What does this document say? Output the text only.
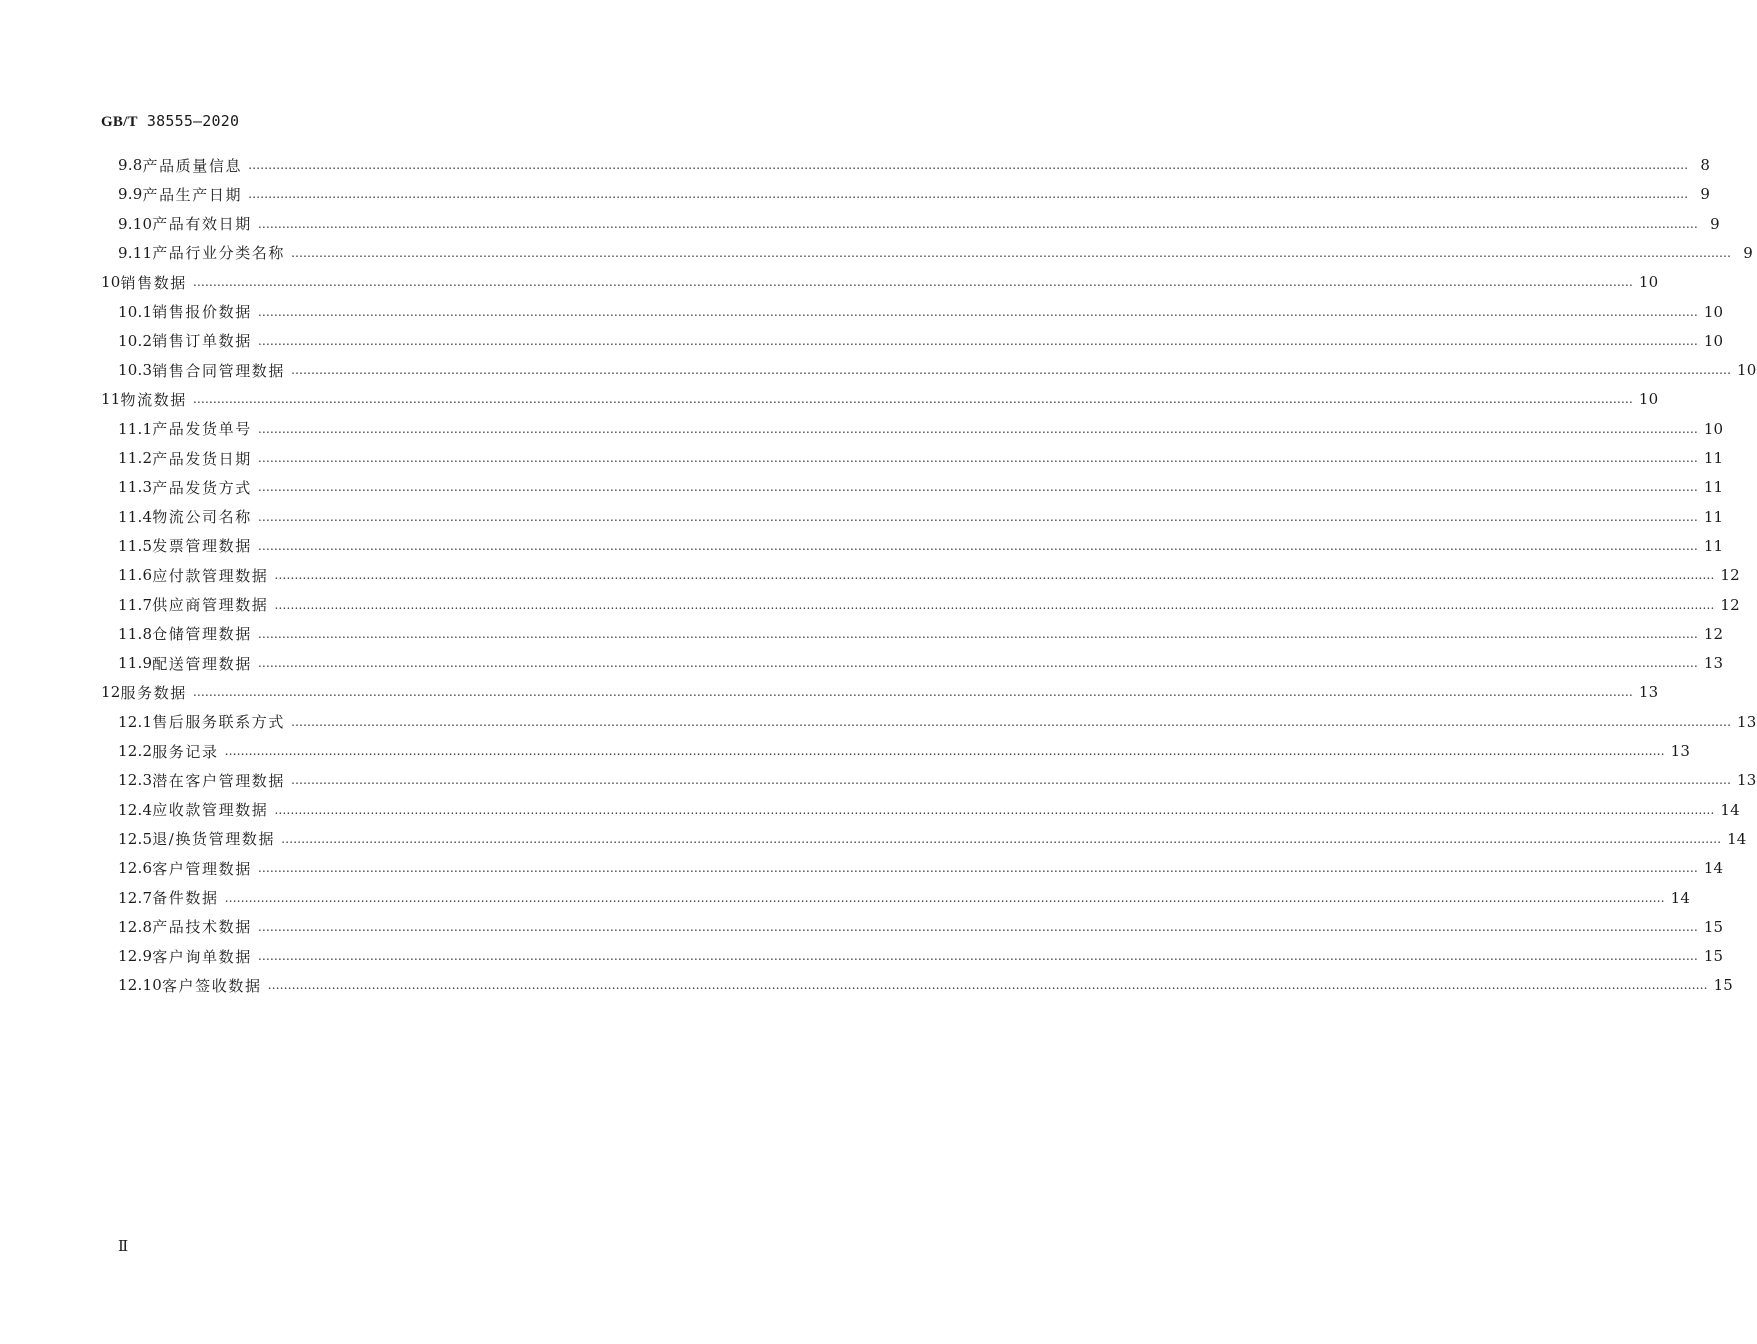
GB/T 38555—2020
9.8 产品质量信息 ……………………………………………………………………………………………………………………………………………………………………………………………………………………………………………………………………………………………………………………………… 8
9.9 产品生产日期 ……………………………………………………………………………………………………………………………………………………………………………………………………………………………………………………………………………………………………………………………… 9
9.10 产品有效日期 ……………………………………………………………………………………………………………………………………………………………………………………………………………………………………………………………………………………………………………………………… 9
9.11 产品行业分类名称 ……………………………………………………………………………………………………………………………………………………………………………………………………………………………………………………………………………………………………………………………… 9
10 销售数据 ……………………………………………………………………………………………………………………………………………………………………………………………………………………………………………………………………………………………………………………………… 10
10.1 销售报价数据 ……………………………………………………………………………………………………………………………………………………………………………………………………………………………………………………………………………………………………………………………… 10
10.2 销售订单数据 ……………………………………………………………………………………………………………………………………………………………………………………………………………………………………………………………………………………………………………………………… 10
10.3 销售合同管理数据 ……………………………………………………………………………………………………………………………………………………………………………………………………………………………………………………………………………………………………………………………… 10
11 物流数据 ……………………………………………………………………………………………………………………………………………………………………………………………………………………………………………………………………………………………………………………………… 10
11.1 产品发货单号 ……………………………………………………………………………………………………………………………………………………………………………………………………………………………………………………………………………………………………………………………… 10
11.2 产品发货日期 ……………………………………………………………………………………………………………………………………………………………………………………………………………………………………………………………………………………………………………………………… 11
11.3 产品发货方式 ……………………………………………………………………………………………………………………………………………………………………………………………………………………………………………………………………………………………………………………………… 11
11.4 物流公司名称 ……………………………………………………………………………………………………………………………………………………………………………………………………………………………………………………………………………………………………………………………… 11
11.5 发票管理数据 ……………………………………………………………………………………………………………………………………………………………………………………………………………………………………………………………………………………………………………………………… 11
11.6 应付款管理数据 ……………………………………………………………………………………………………………………………………………………………………………………………………………………………………………………………………………………………………………………………… 12
11.7 供应商管理数据 ……………………………………………………………………………………………………………………………………………………………………………………………………………………………………………………………………………………………………………………………… 12
11.8 仓储管理数据 ……………………………………………………………………………………………………………………………………………………………………………………………………………………………………………………………………………………………………………………………… 12
11.9 配送管理数据 ……………………………………………………………………………………………………………………………………………………………………………………………………………………………………………………………………………………………………………………………… 13
12 服务数据 ……………………………………………………………………………………………………………………………………………………………………………………………………………………………………………………………………………………………………………………………… 13
12.1 售后服务联系方式 ……………………………………………………………………………………………………………………………………………………………………………………………………………………………………………………………………………………………………………………………… 13
12.2 服务记录 ……………………………………………………………………………………………………………………………………………………………………………………………………………………………………………………………………………………………………………………………… 13
12.3 潜在客户管理数据 ……………………………………………………………………………………………………………………………………………………………………………………………………………………………………………………………………………………………………………………………… 13
12.4 应收款管理数据 ……………………………………………………………………………………………………………………………………………………………………………………………………………………………………………………………………………………………………………………………… 14
12.5 退/换货管理数据 ……………………………………………………………………………………………………………………………………………………………………………………………………………………………………………………………………………………………………………………………… 14
12.6 客户管理数据 ……………………………………………………………………………………………………………………………………………………………………………………………………………………………………………………………………………………………………………………………… 14
12.7 备件数据 ……………………………………………………………………………………………………………………………………………………………………………………………………………………………………………………………………………………………………………………………… 14
12.8 产品技术数据 ……………………………………………………………………………………………………………………………………………………………………………………………………………………………………………………………………………………………………………………………… 15
12.9 客户询单数据 ……………………………………………………………………………………………………………………………………………………………………………………………………………………………………………………………………………………………………………………………… 15
12.10 客户签收数据 ……………………………………………………………………………………………………………………………………………………………………………………………………………………………………………………………………………………………………………………………… 15
Ⅱ
